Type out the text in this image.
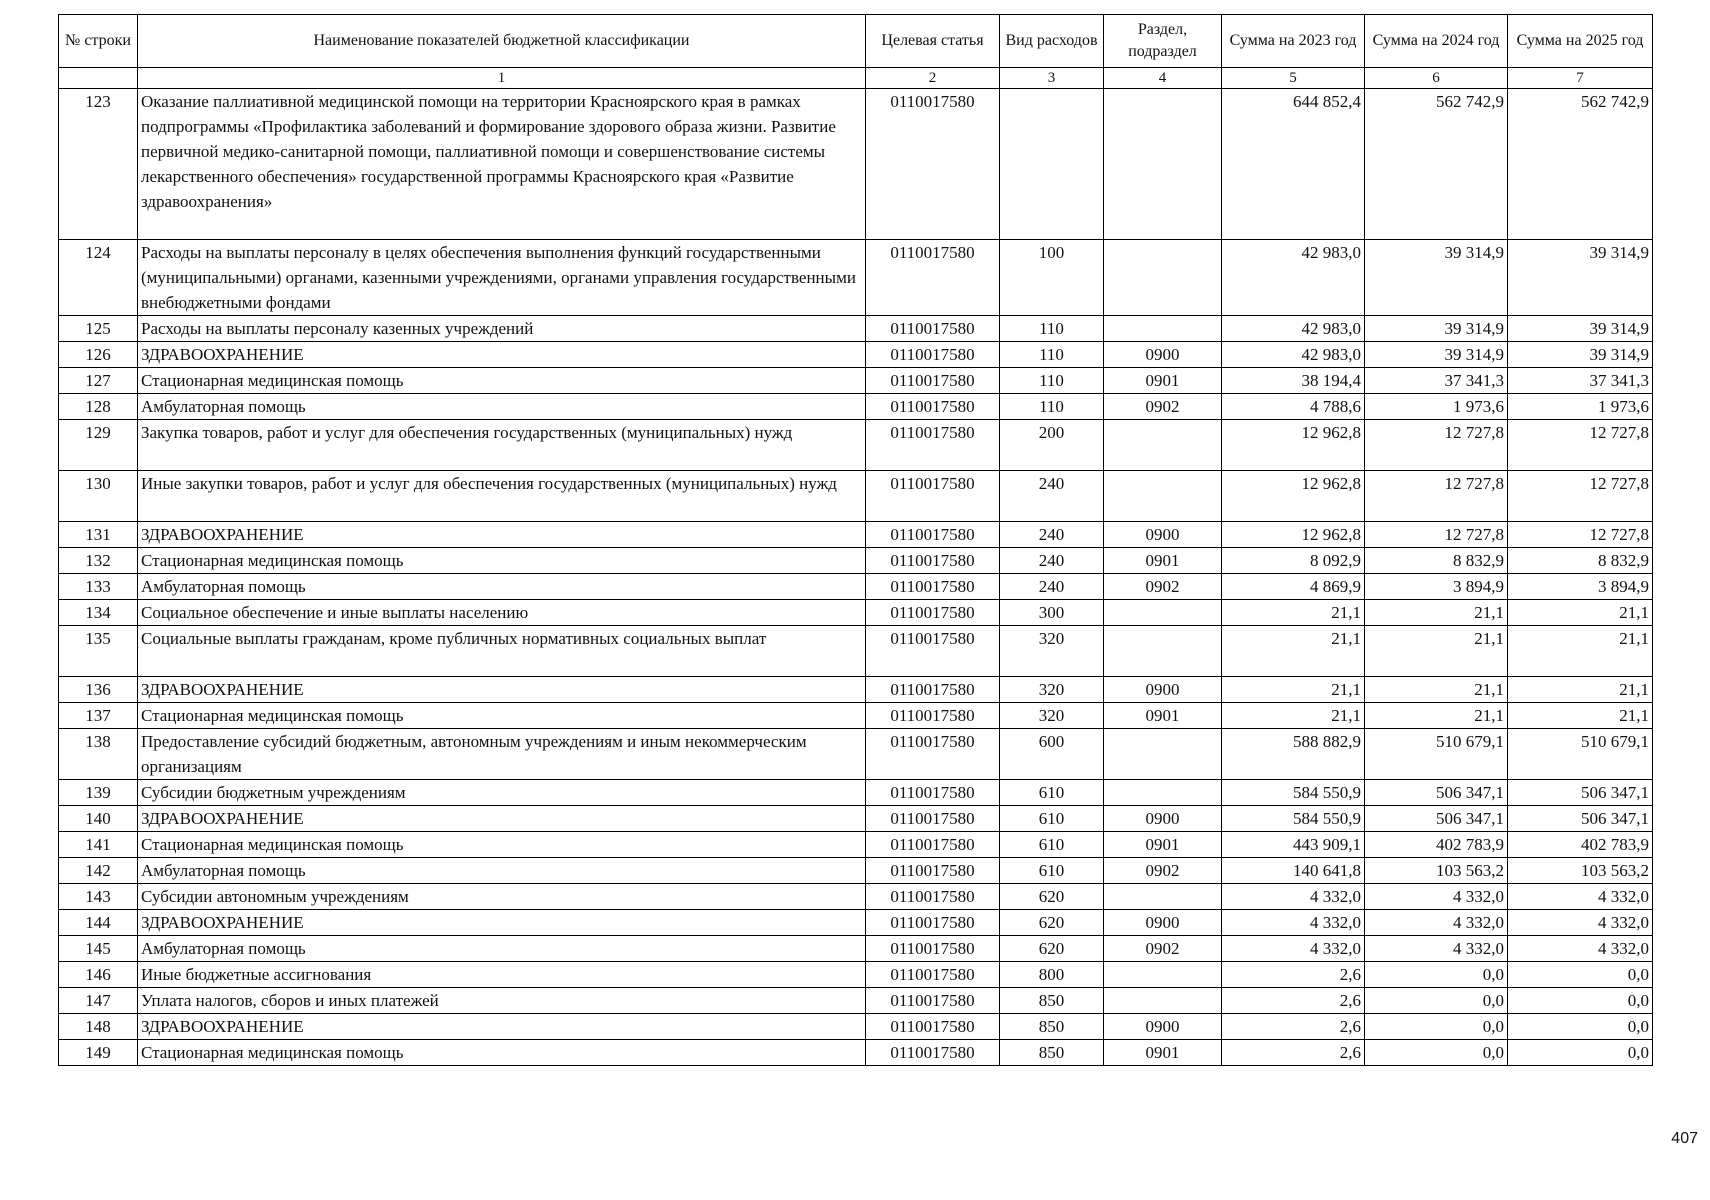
№ строки	Наименование показателей бюджетной классификации	Целевая статья	Вид расходов	Раздел, подраздел	Сумма на 2023 год	Сумма на 2024 год	Сумма на 2025 год
	1	2	3	4	5	6	7
123	Оказание паллиативной медицинской помощи на территории Красноярского края в рамках подпрограммы «Профилактика заболеваний и формирование здорового образа жизни. Развитие первичной медико-санитарной помощи, паллиативной помощи и совершенствование системы лекарственного обеспечения» государственной программы Красноярского края «Развитие здравоохранения»	0110017580			644 852,4	562 742,9	562 742,9
124	Расходы на выплаты персоналу в целях обеспечения выполнения функций государственными (муниципальными) органами, казенными учреждениями, органами управления государственными внебюджетными фондами	0110017580	100		42 983,0	39 314,9	39 314,9
125	Расходы на выплаты персоналу казенных учреждений	0110017580	110		42 983,0	39 314,9	39 314,9
126	ЗДРАВООХРАНЕНИЕ	0110017580	110	0900	42 983,0	39 314,9	39 314,9
127	Стационарная медицинская помощь	0110017580	110	0901	38 194,4	37 341,3	37 341,3
128	Амбулаторная помощь	0110017580	110	0902	4 788,6	1 973,6	1 973,6
129	Закупка товаров, работ и услуг для обеспечения государственных (муниципальных) нужд	0110017580	200		12 962,8	12 727,8	12 727,8
130	Иные закупки товаров, работ и услуг для обеспечения государственных (муниципальных) нужд	0110017580	240		12 962,8	12 727,8	12 727,8
131	ЗДРАВООХРАНЕНИЕ	0110017580	240	0900	12 962,8	12 727,8	12 727,8
132	Стационарная медицинская помощь	0110017580	240	0901	8 092,9	8 832,9	8 832,9
133	Амбулаторная помощь	0110017580	240	0902	4 869,9	3 894,9	3 894,9
134	Социальное обеспечение и иные выплаты населению	0110017580	300		21,1	21,1	21,1
135	Социальные выплаты гражданам, кроме публичных нормативных социальных выплат	0110017580	320		21,1	21,1	21,1
136	ЗДРАВООХРАНЕНИЕ	0110017580	320	0900	21,1	21,1	21,1
137	Стационарная медицинская помощь	0110017580	320	0901	21,1	21,1	21,1
138	Предоставление субсидий бюджетным, автономным учреждениям и иным некоммерческим организациям	0110017580	600		588 882,9	510 679,1	510 679,1
139	Субсидии бюджетным учреждениям	0110017580	610		584 550,9	506 347,1	506 347,1
140	ЗДРАВООХРАНЕНИЕ	0110017580	610	0900	584 550,9	506 347,1	506 347,1
141	Стационарная медицинская помощь	0110017580	610	0901	443 909,1	402 783,9	402 783,9
142	Амбулаторная помощь	0110017580	610	0902	140 641,8	103 563,2	103 563,2
143	Субсидии автономным учреждениям	0110017580	620		4 332,0	4 332,0	4 332,0
144	ЗДРАВООХРАНЕНИЕ	0110017580	620	0900	4 332,0	4 332,0	4 332,0
145	Амбулаторная помощь	0110017580	620	0902	4 332,0	4 332,0	4 332,0
146	Иные бюджетные ассигнования	0110017580	800		2,6	0,0	0,0
147	Уплата налогов, сборов и иных платежей	0110017580	850		2,6	0,0	0,0
148	ЗДРАВООХРАНЕНИЕ	0110017580	850	0900	2,6	0,0	0,0
149	Стационарная медицинская помощь	0110017580	850	0901	2,6	0,0	0,0
407
